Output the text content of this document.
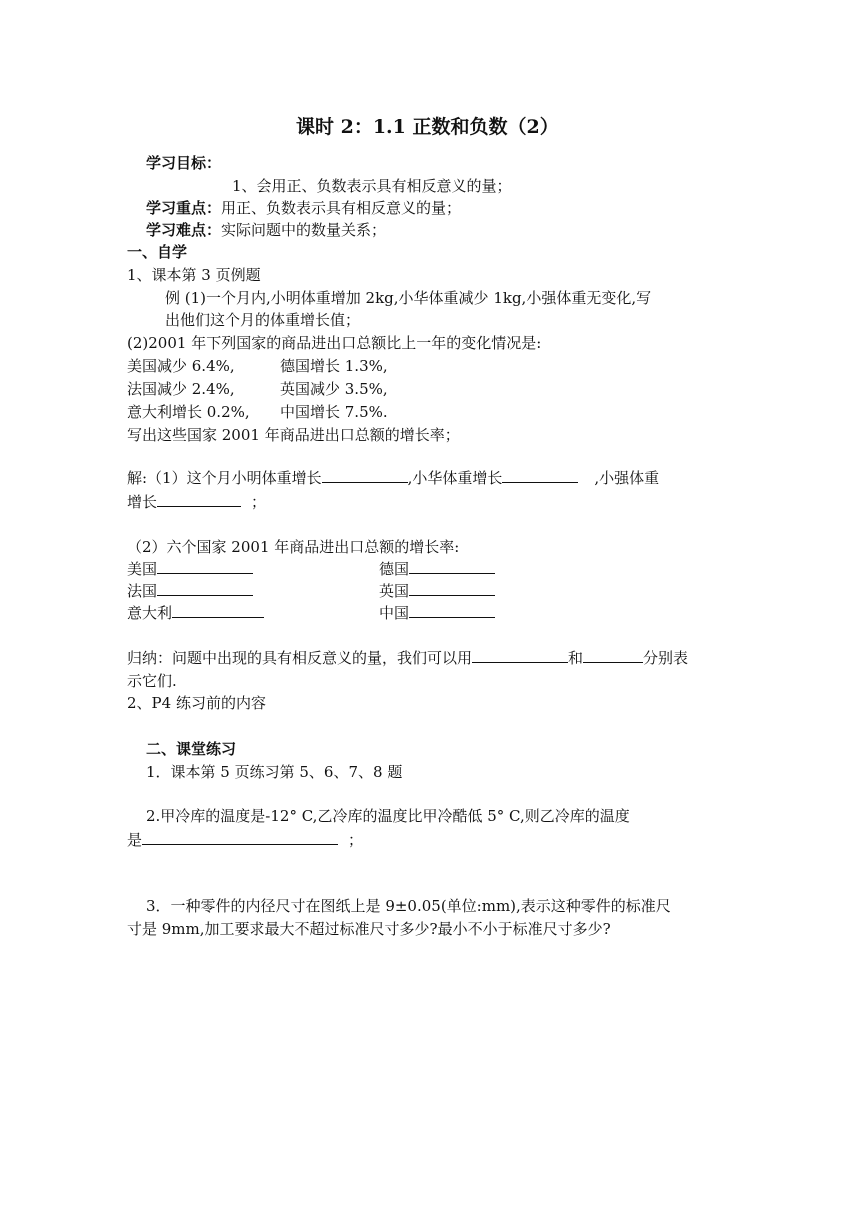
课时 2：1.1 正数和负数（2）
学习目标：
1、会用正、负数表示具有相反意义的量；
学习重点：用正、负数表示具有相反意义的量；
学习难点：实际问题中的数量关系；
一、自学
1、课本第 3 页例题
例 (1)一个月内,小明体重增加 2kg,小华体重减少 1kg,小强体重无变化,写
出他们这个月的体重增长值；
(2)2001 年下列国家的商品进出口总额比上一年的变化情况是:
美国减少 6.4%,	德国增长 1.3%,
法国减少 2.4%,	英国减少 3.5%,
意大利增长 0.2%, 中国增长 7.5%.
写出这些国家 2001 年商品进出口总额的增长率；
解:（1）这个月小明体重增长	,小华体重增长	,小强体重
增长	；
（2）六个国家 2001 年商品进出口总额的增长率:
美国	德国
法国	英国
意大利	中国
归纳：问题中出现的具有相反意义的量，我们可以用	和	分别表
示它们.
2、P4 练习前的内容
二、课堂练习
1．课本第 5 页练习第 5、6、7、8 题
2.甲冷库的温度是-12° C,乙冷库的温度比甲冷酷低 5° C,则乙冷库的温度
是	；
3．一种零件的内径尺寸在图纸上是 9±0.05(单位:mm),表示这种零件的标准尺
寸是 9mm,加工要求最大不超过标准尺寸多少?最小不小于标准尺寸多少?
